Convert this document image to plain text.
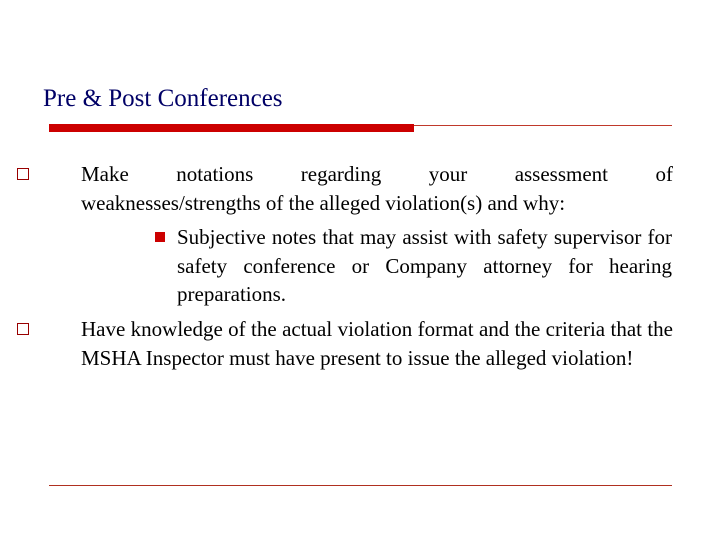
Pre & Post Conferences
Make notations regarding your assessment of
weaknesses/strengths of the alleged violation(s) and why:
Subjective notes that may assist with safety supervisor for safety conference or Company attorney for hearing preparations.
Have knowledge of the actual violation format and the criteria that the MSHA Inspector must have present to issue the alleged violation!
